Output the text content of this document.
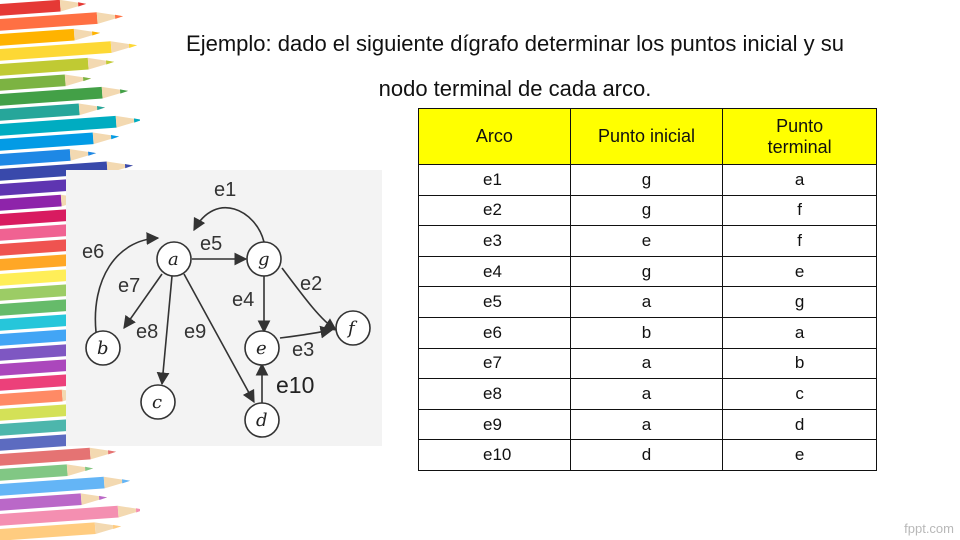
Ejemplo: dado el siguiente dígrafo determinar los puntos inicial y su
nodo terminal de cada arco.
a	g
b	e
f
c
d
e1
e2
e3
e4
e5
e6
e7
e8 e9
e10
Arco	Punto inicial	Punto terminal
e1	g	a
e2	g	f
e3	e	f
e4	g	e
e5	a	g
e6	b	a
e7	a	b
e8	a	c
e9	a	d
e10	d	e
fppt.com
